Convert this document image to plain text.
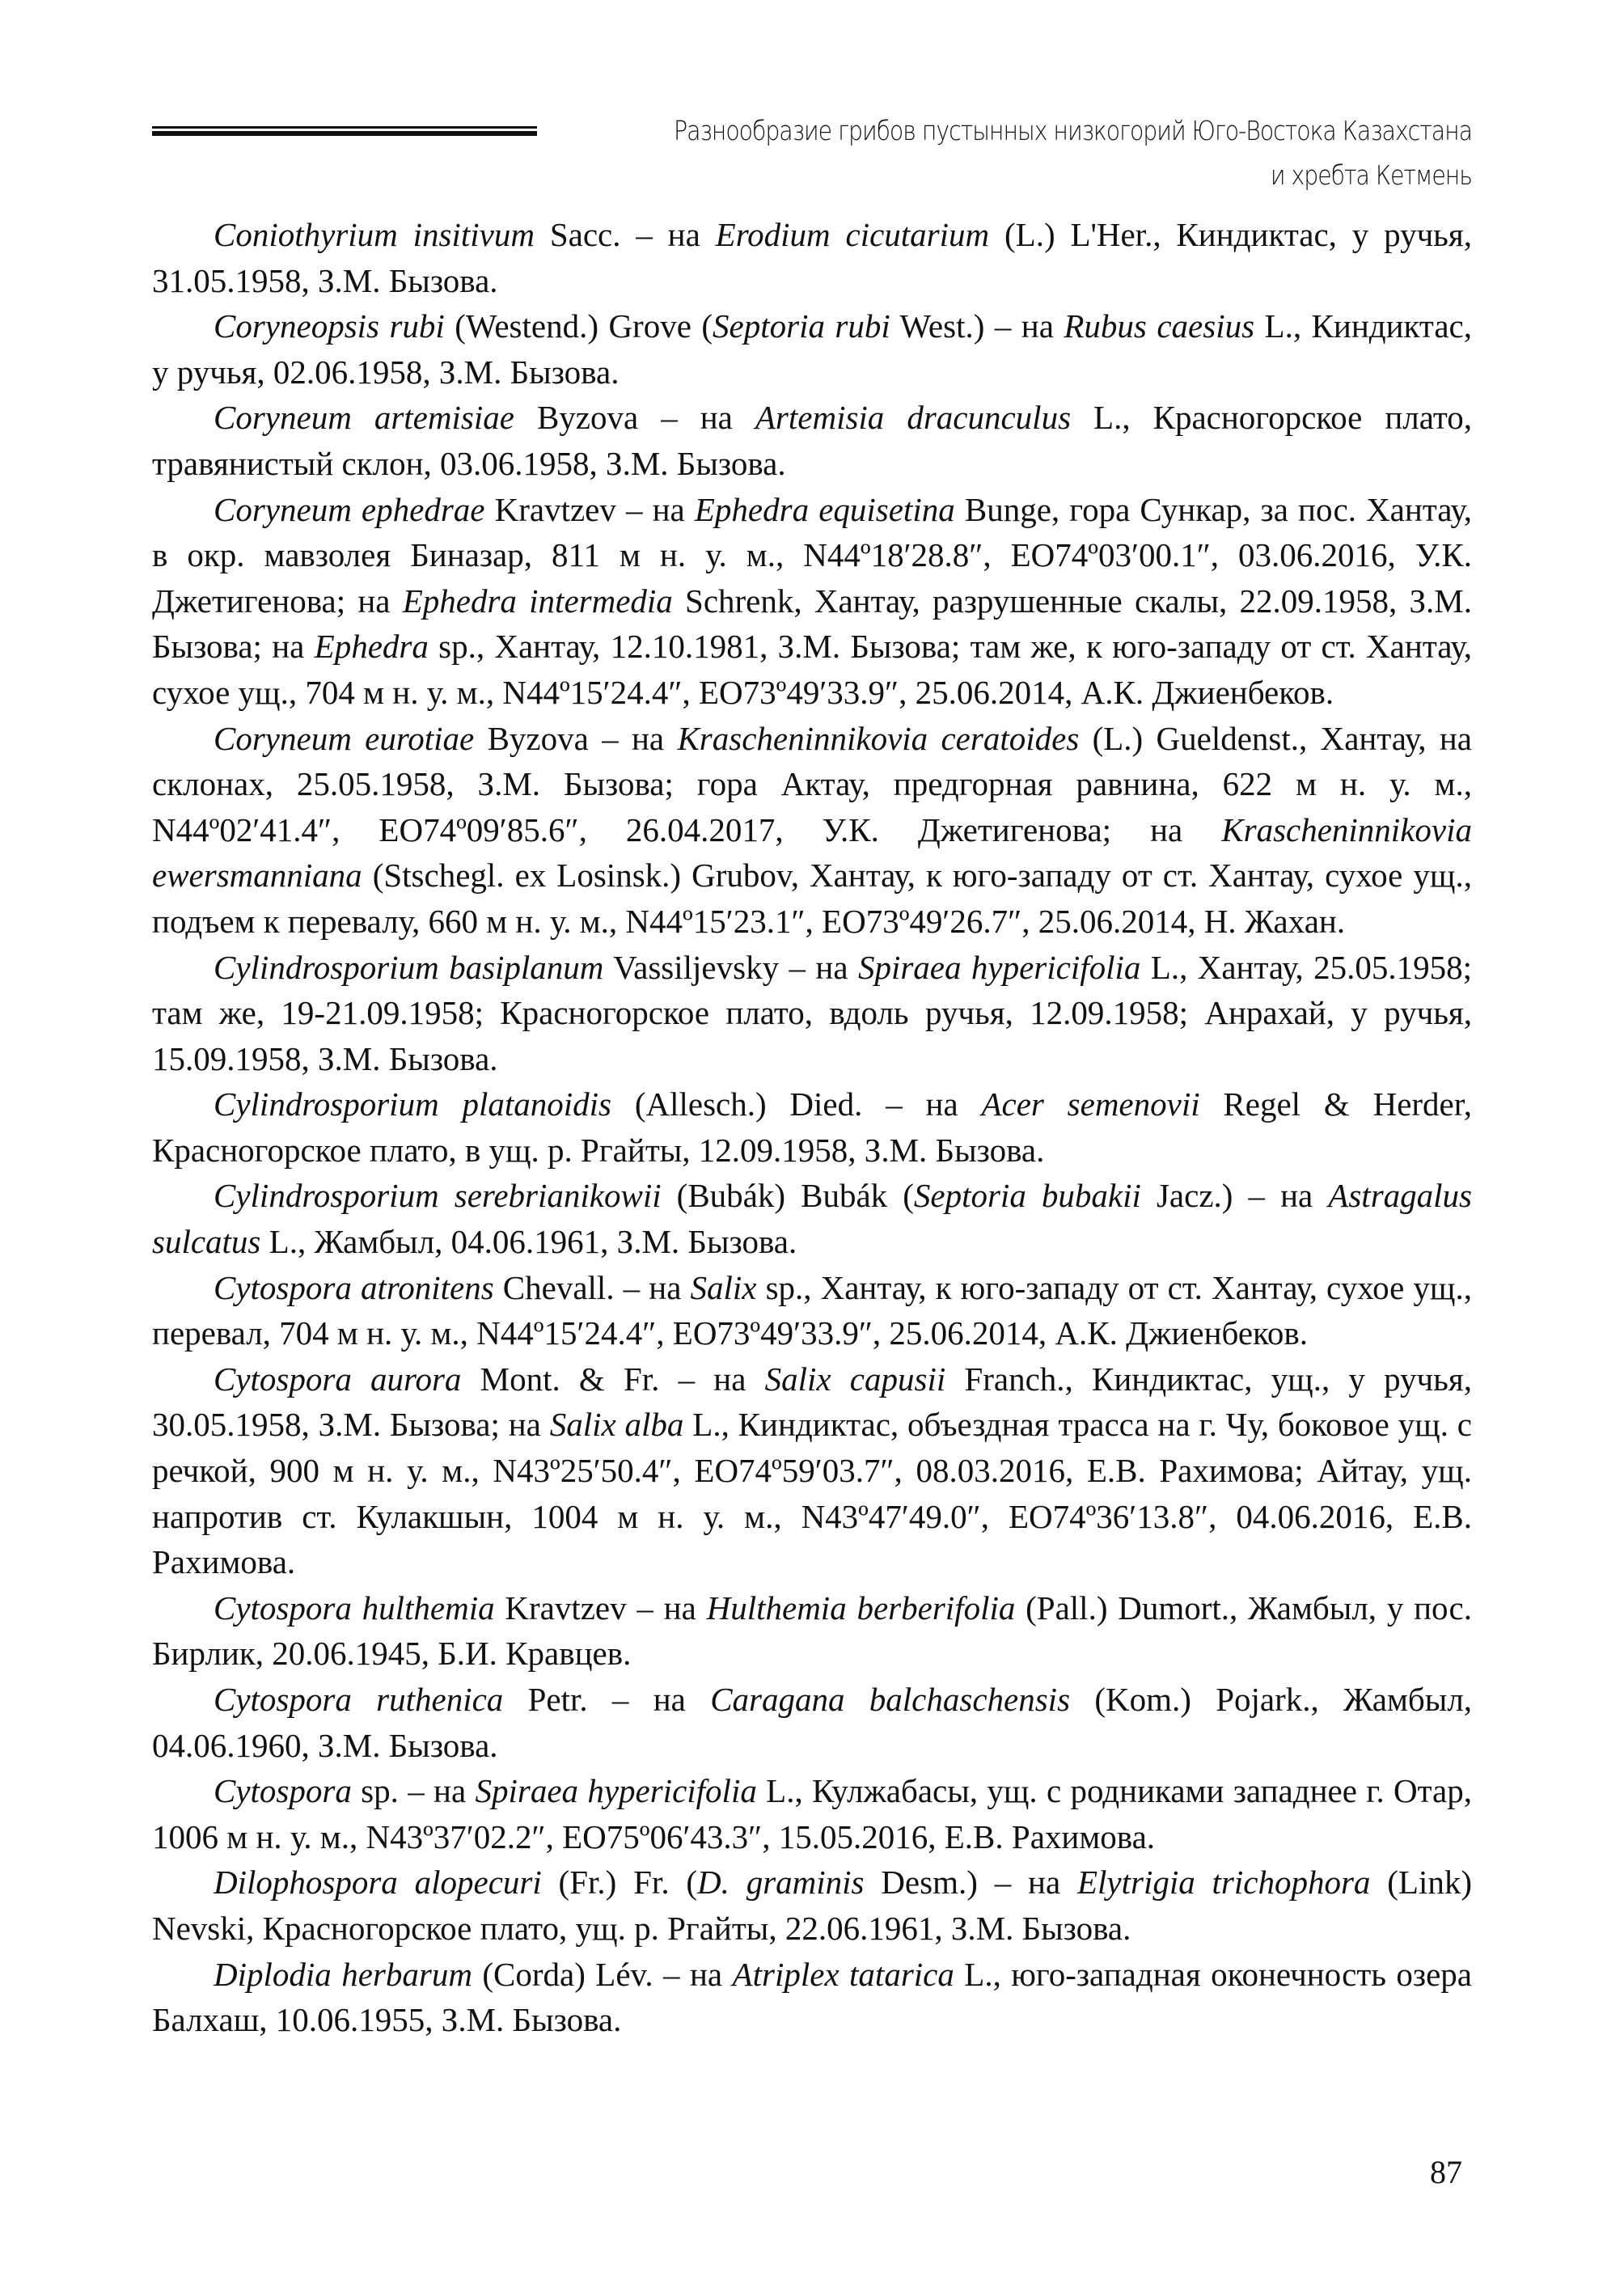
Разнообразие грибов пустынных низкогорий Юго-Востока Казахстана
и хребта Кетмень

Coniothyrium insitivum Sacc. – на Erodium cicutarium (L.) L'Her., Киндиктас, у ручья, 31.05.1958, З.М. Бызова.

Coryneopsis rubi (Westend.) Grove (Septoria rubi West.) – на Rubus caesius L., Киндиктас, у ручья, 02.06.1958, З.М. Бызова.

Coryneum artemisiae Byzova – на Artemisia dracunculus L., Красногорское плато, травянистый склон, 03.06.1958, З.М. Бызова.

Coryneum ephedrae Kravtzev – на Ephedra equisetina Bunge, гора Сункар, за пос. Хантау, в окр. мавзолея Биназар, 811 м н. у. м., N44º18′28.8″, ЕО74º03′00.1″, 03.06.2016, У.К. Джетигенова; на Ephedra intermedia Schrenk, Хантау, разрушенные скалы, 22.09.1958, З.М. Бызова; на Ephedra sp., Хантау, 12.10.1981, З.М. Бызова; там же, к юго-западу от ст. Хантау, сухое ущ., 704 м н. у. м., N44º15′24.4″, ЕО73º49′33.9″, 25.06.2014, А.К. Джиенбеков.

Coryneum eurotiae Byzova – на Krascheninnikovia ceratoides (L.) Gueldenst., Хантау, на склонах, 25.05.1958, З.М. Бызова; гора Актау, предгорная равнина, 622 м н. у. м., N44º02′41.4″, ЕО74º09′85.6″, 26.04.2017, У.К. Джетигенова; на Krascheninnikovia ewersmanniana (Stschegl. ex Losinsk.) Grubov, Хантау, к юго-западу от ст. Хантау, сухое ущ., подъем к перевалу, 660 м н. у. м., N44º15′23.1″, ЕО73º49′26.7″, 25.06.2014, Н. Жахан.

Cylindrosporium basiplanum Vassiljevsky – на Spiraea hypericifolia L., Хантау, 25.05.1958; там же, 19-21.09.1958; Красногорское плато, вдоль ручья, 12.09.1958; Анрахай, у ручья, 15.09.1958, З.М. Бызова.

Cylindrosporium platanoidis (Allesch.) Died. – на Acer semenovii Regel & Herder, Красногорское плато, в ущ. р. Ргайты, 12.09.1958, З.М. Бызова.

Cylindrosporium serebrianikowii (Bubák) Bubák (Septoria bubakii Jacz.) – на Astragalus sulcatus L., Жамбыл, 04.06.1961, З.М. Бызова.

Cytospora atronitens Chevall. – на Salix sp., Хантау, к юго-западу от ст. Хантау, сухое ущ., перевал, 704 м н. у. м., N44º15′24.4″, ЕО73º49′33.9″, 25.06.2014, А.К. Джиенбеков.

Cytospora aurora Mont. & Fr. – на Salix capusii Franch., Киндиктас, ущ., у ручья, 30.05.1958, З.М. Бызова; на Salix alba L., Киндиктас, объездная трасса на г. Чу, боковое ущ. с речкой, 900 м н. у. м., N43º25′50.4″, ЕО74º59′03.7″, 08.03.2016, Е.В. Рахимова; Айтау, ущ. напротив ст. Кулакшын, 1004 м н. у. м., N43º47′49.0″, ЕО74º36′13.8″, 04.06.2016, Е.В. Рахимова.

Cytospora hulthemia Kravtzev – на Hulthemia berberifolia (Pall.) Dumort., Жамбыл, у пос. Бирлик, 20.06.1945, Б.И. Кравцев.

Cytospora ruthenica Petr. – на Caragana balchaschensis (Kom.) Pojark., Жамбыл, 04.06.1960, З.М. Бызова.

Cytospora sp. – на Spiraea hypericifolia L., Кулжабасы, ущ. с родниками западнее г. Отар, 1006 м н. у. м., N43º37′02.2″, ЕО75º06′43.3″, 15.05.2016, Е.В. Рахимова.

Dilophospora alopecuri (Fr.) Fr. (D. graminis Desm.) – на Elytrigia trichophora (Link) Nevski, Красногорское плато, ущ. р. Ргайты, 22.06.1961, З.М. Бызова.

Diplodia herbarum (Corda) Lév. – на Atriplex tatarica L., юго-западная оконечность озера Балхаш, 10.06.1955, З.М. Бызова.

87
